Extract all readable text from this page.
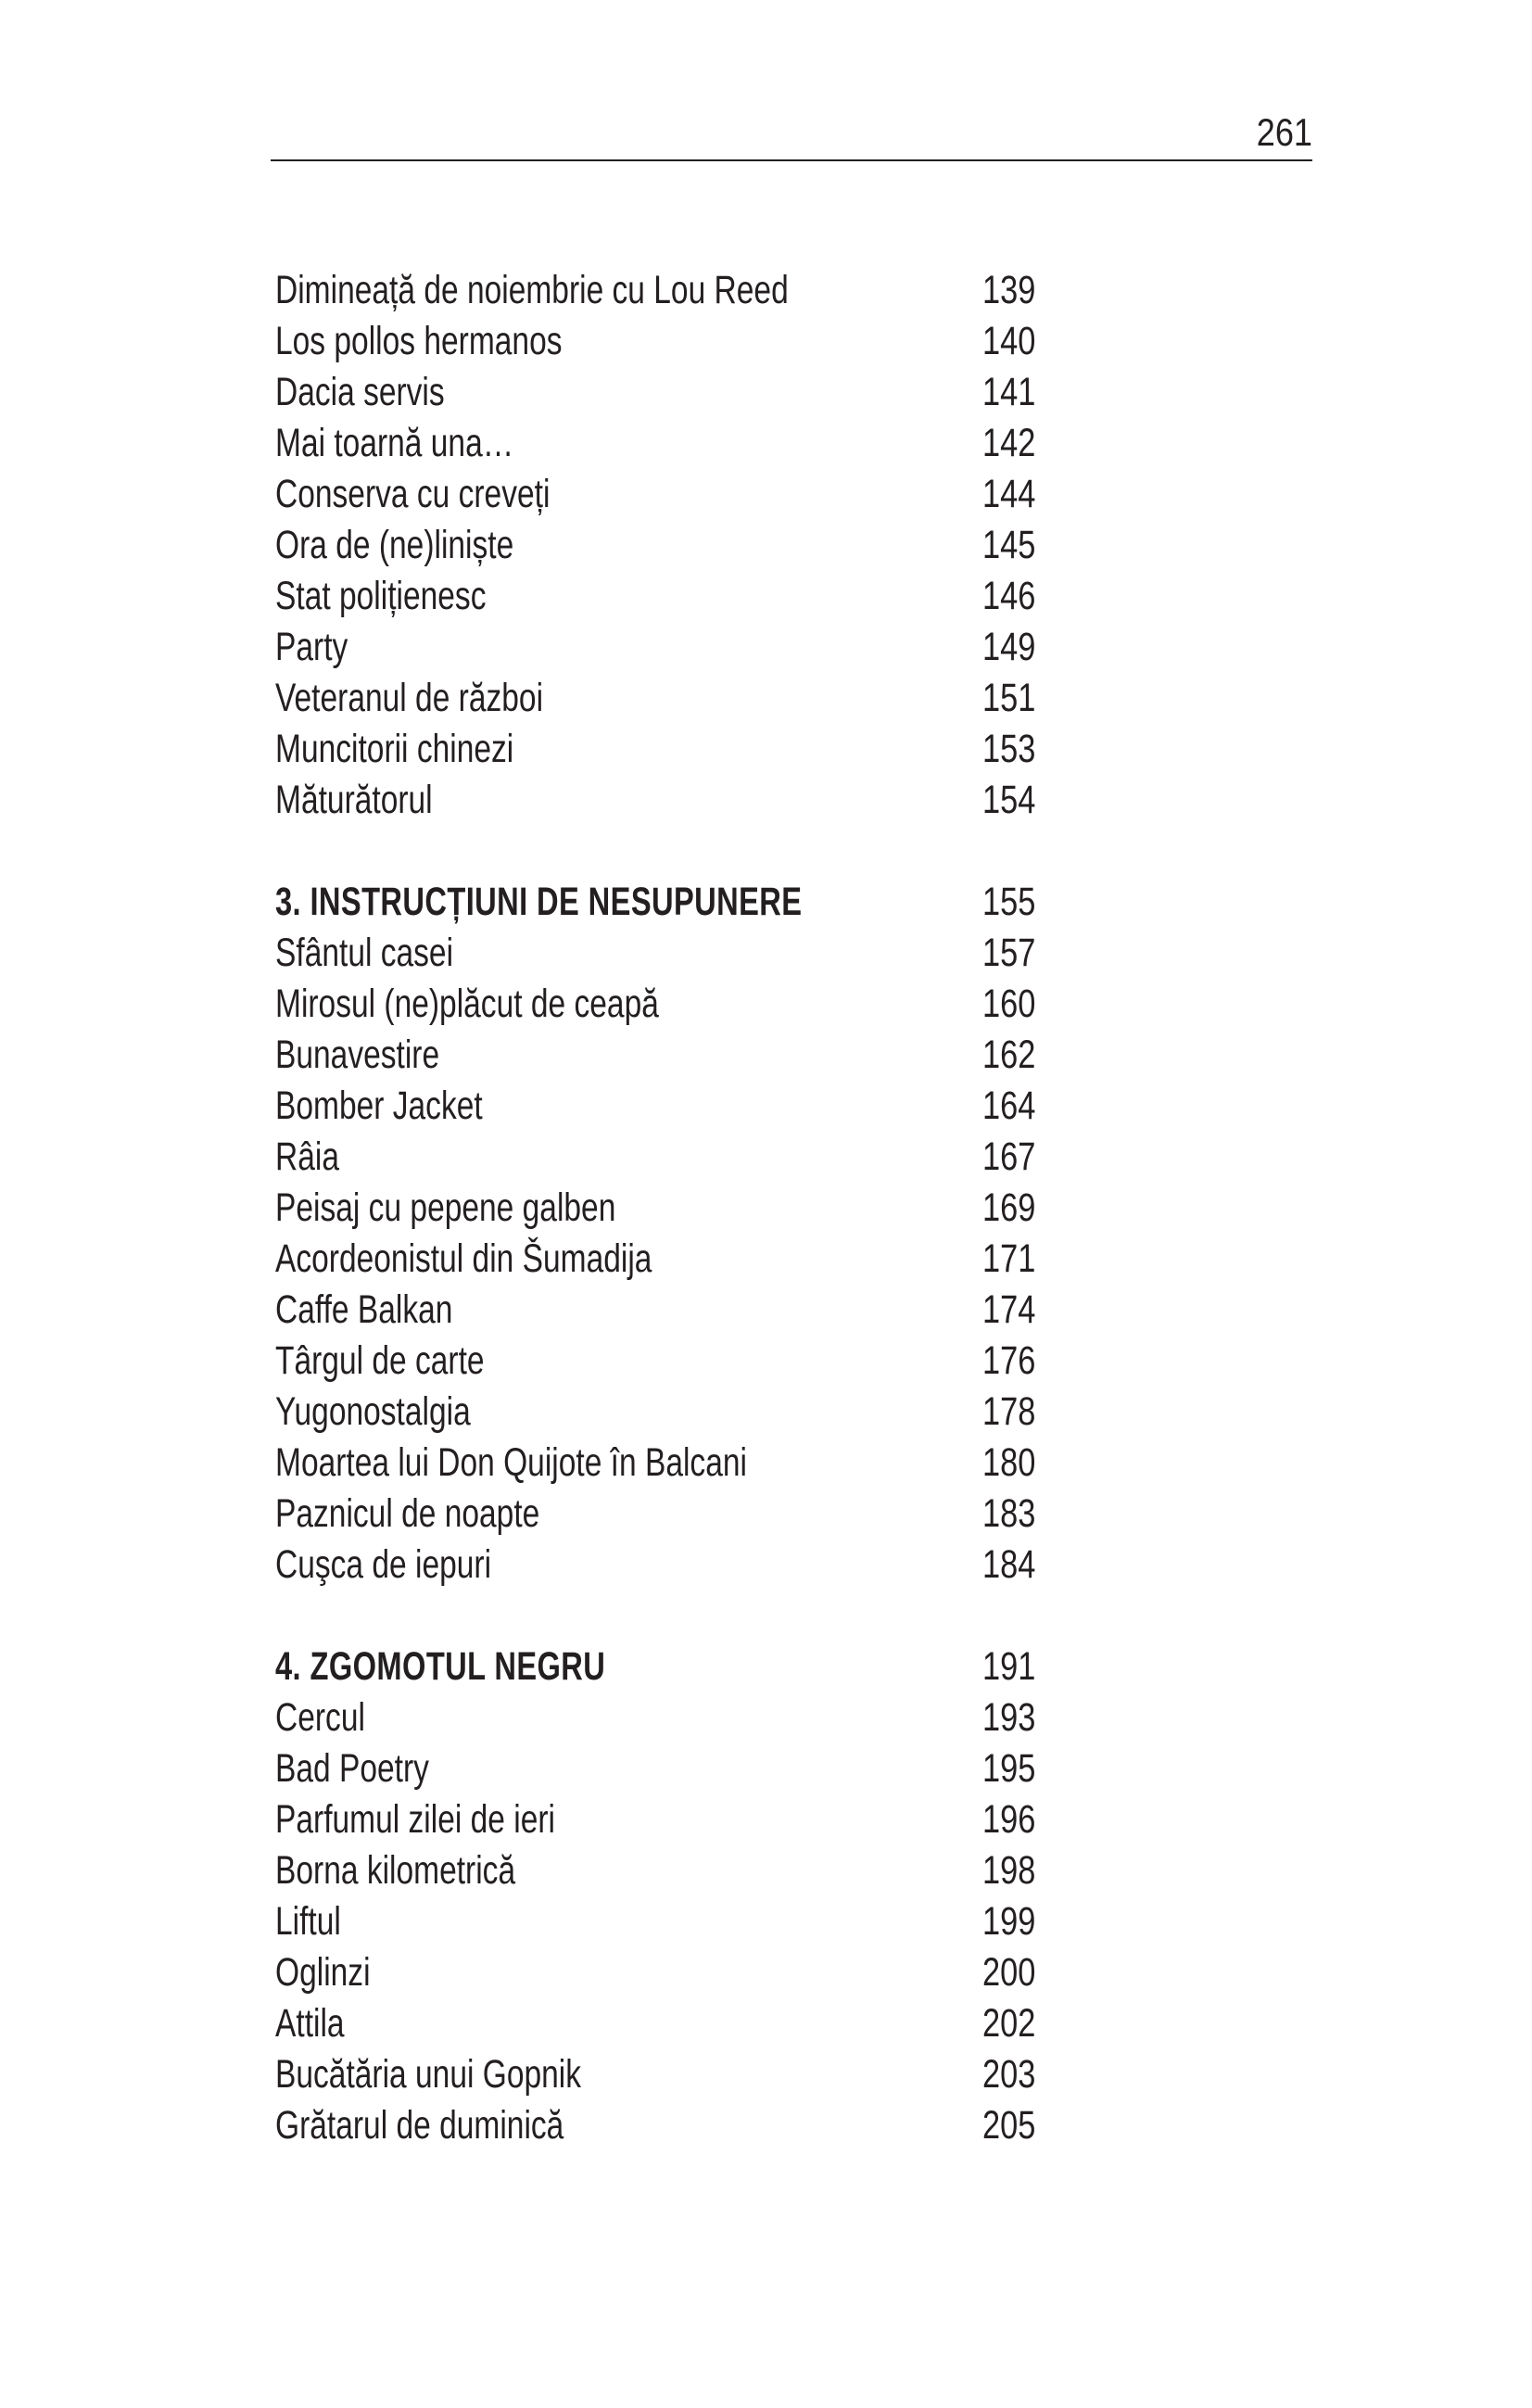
261
Dimineață de noiembrie cu Lou Reed	139
Los pollos hermanos	140
Dacia servis	141
Mai toarnă una…	142
Conserva cu creveți	144
Ora de (ne)liniște	145
Stat polițienesc	146
Party	149
Veteranul de război	151
Muncitorii chinezi	153
Măturătorul	154
3. INSTRUCȚIUNI DE NESUPUNERE	155
Sfântul casei	157
Mirosul (ne)plăcut de ceapă	160
Bunavestire	162
Bomber Jacket	164
Râia	167
Peisaj cu pepene galben	169
Acordeonistul din Šumadija	171
Caffe Balkan	174
Târgul de carte	176
Yugonostalgia	178
Moartea lui Don Quijote în Balcani	180
Paznicul de noapte	183
Cuşca de iepuri	184
4. ZGOMOTUL NEGRU	191
Cercul	193
Bad Poetry	195
Parfumul zilei de ieri	196
Borna kilometrică	198
Liftul	199
Oglinzi	200
Attila	202
Bucătăria unui Gopnik	203
Grătarul de duminică	205
